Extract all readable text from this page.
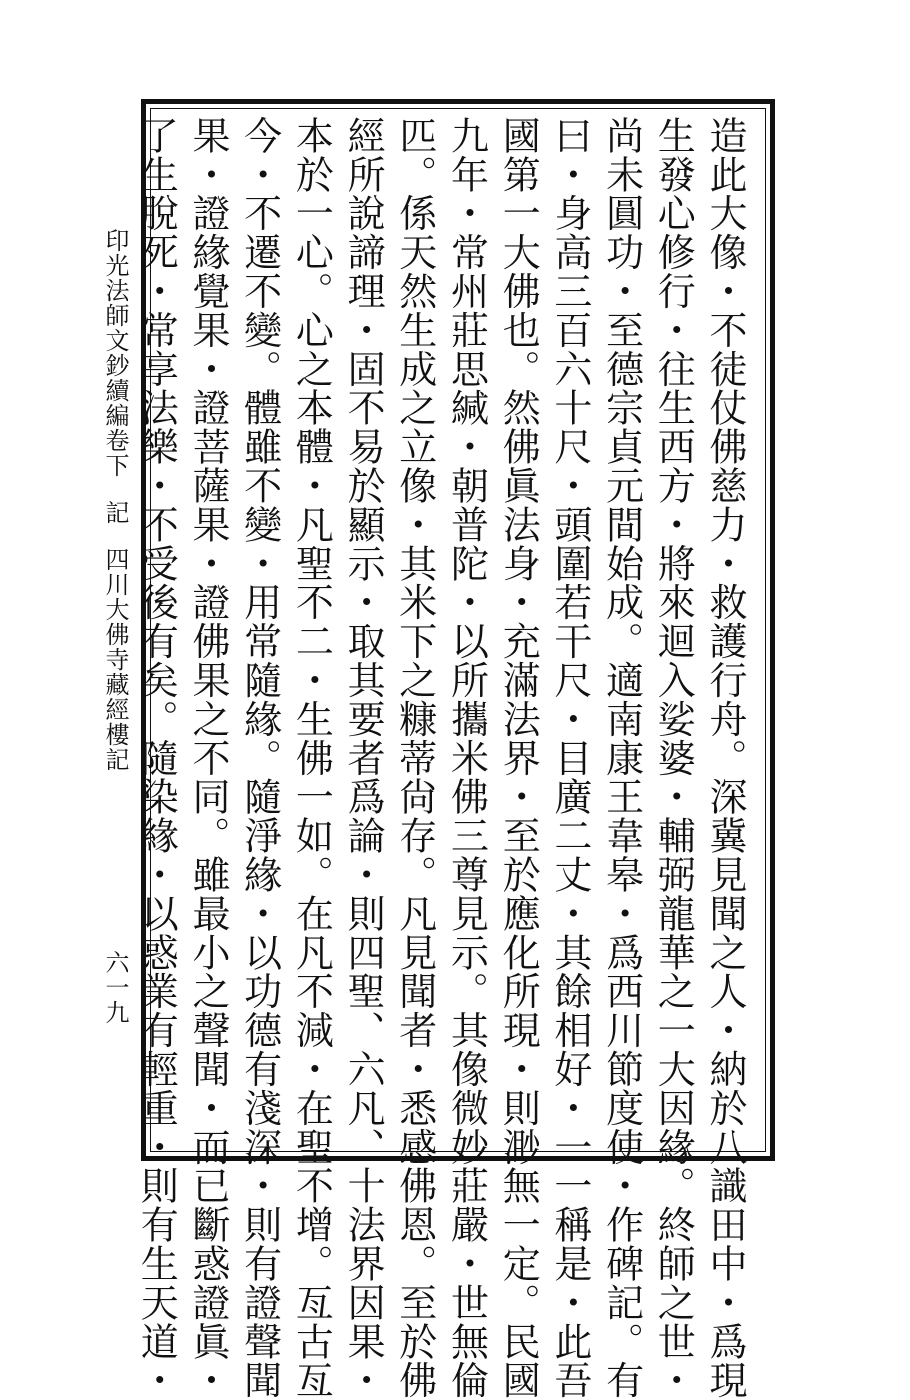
印光法師文鈔續編卷下記四川大佛寺藏經樓記
六一九	造此大像・不徒仗佛慈力・救護行舟。深冀見聞之人・納於八識田中・爲現
生發心修行・往生西方・將來迴入娑婆・輔弼龍華之一大因緣。終師之世・
尚未圓功・至德宗貞元間始成。適南康王韋皋・爲西川節度使・作碑記。有
曰・身高三百六十尺・頭圍若干尺・目廣二丈・其餘相好・一一稱是・此吾
國第一大佛也。然佛眞法身・充滿法界・至於應化所現・則渺無一定。民國
九年・常州莊思緘・朝普陀・以所攜米佛三尊見示。其像微妙莊嚴・世無倫
匹。係天然生成之立像・其米下之糠蒂尙存。凡見聞者・悉感佛恩。至於佛
經所說諦理・固不易於顯示・取其要者爲論・則四聖、六凡、十法界因果・
本於一心。心之本體・凡聖不二・生佛一如。在凡不減・在聖不增。亙古亙
今・不遷不變。體雖不變・用常隨緣。隨淨緣・以功德有淺深・則有證聲聞
果・證緣覺果・證菩薩果・證佛果之不同。雖最小之聲聞・而已斷惑證眞・
了生脫死・常享法樂・不受後有矣。隨染緣・以惑業有輕重・則有生天道・
